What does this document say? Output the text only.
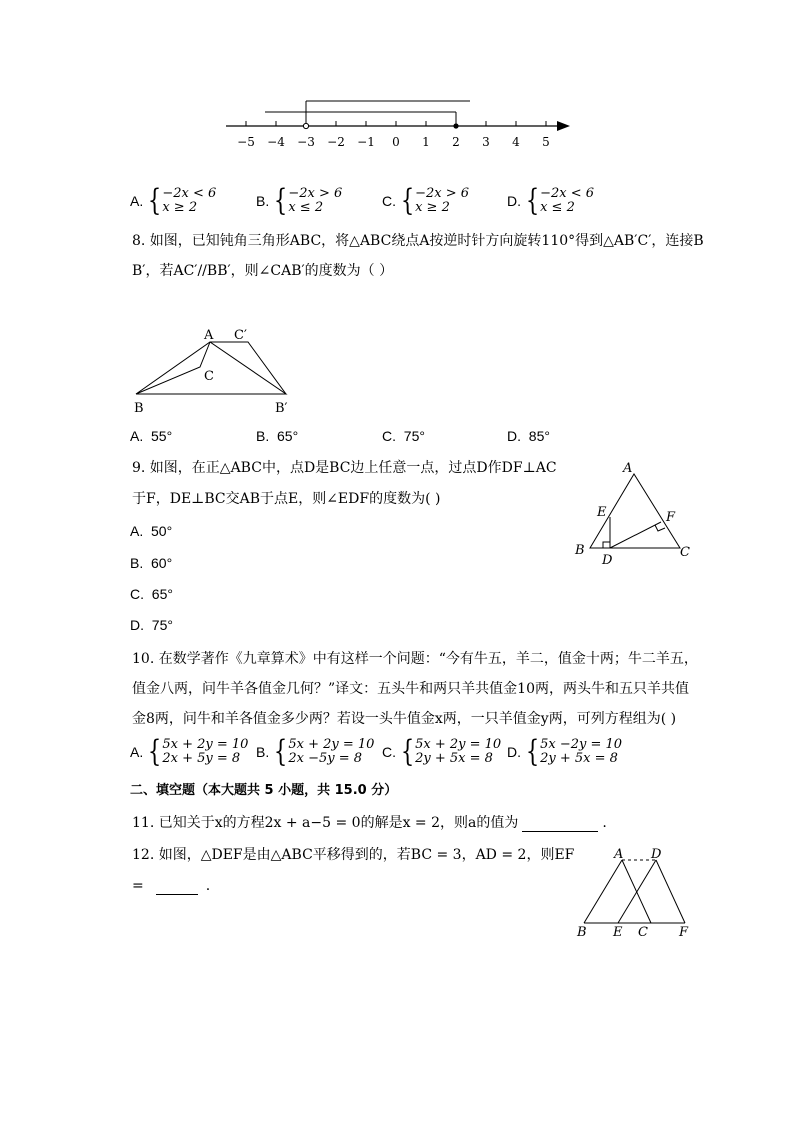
−5 −4 −3 −2 −1 0 1 2 3 4 5
A. { −2x < 6
x ≥ 2	B. { −2x > 6
x ≤ 2	C. { −2x > 6
x ≥ 2	D. { −2x < 6
x ≤ 2
8. 如图，已知钝角三角形ABC，将△ABC绕点A按逆时针方向旋转110°得到△AB′C′，连接B
B′，若AC′//BB′，则∠CAB′的度数为（ ）
A C′
C
B	B′
A. 55°	B. 65°	C. 75°	D. 85°
9. 如图，在正△ABC中，点D是BC边上任意一点，过点D作DF⊥AC
于F，DE⊥BC交AB于点E，则∠EDF的度数为( )
A
E	F
B
D
C
A. 50°
B. 60°
C. 65°
D. 75°
10. 在数学著作《九章算术》中有这样一个问题：“今有牛五，羊二，值金十两；牛二羊五，
值金八两，问牛羊各值金几何？”译文：五头牛和两只羊共值金10两，两头牛和五只羊共值
金8两，问牛和羊各值金多少两？若设一头牛值金x两，一只羊值金y两，可列方程组为( )
A. { 5x + 2y = 10
2x + 5y = 8	B. { 5x + 2y = 10
2x −5y = 8	C. { 5x + 2y = 10
2y + 5x = 8	D. { 5x −2y = 10
2y + 5x = 8
二、填空题（本大题共 5 小题，共 15.0 分）
11. 已知关于x的方程2x + a−5 = 0的解是x = 2，则a的值为	.
12. 如图，△DEF是由△ABC平移得到的，若BC = 3，AD = 2，则EF
=	.
A D
B E C F
